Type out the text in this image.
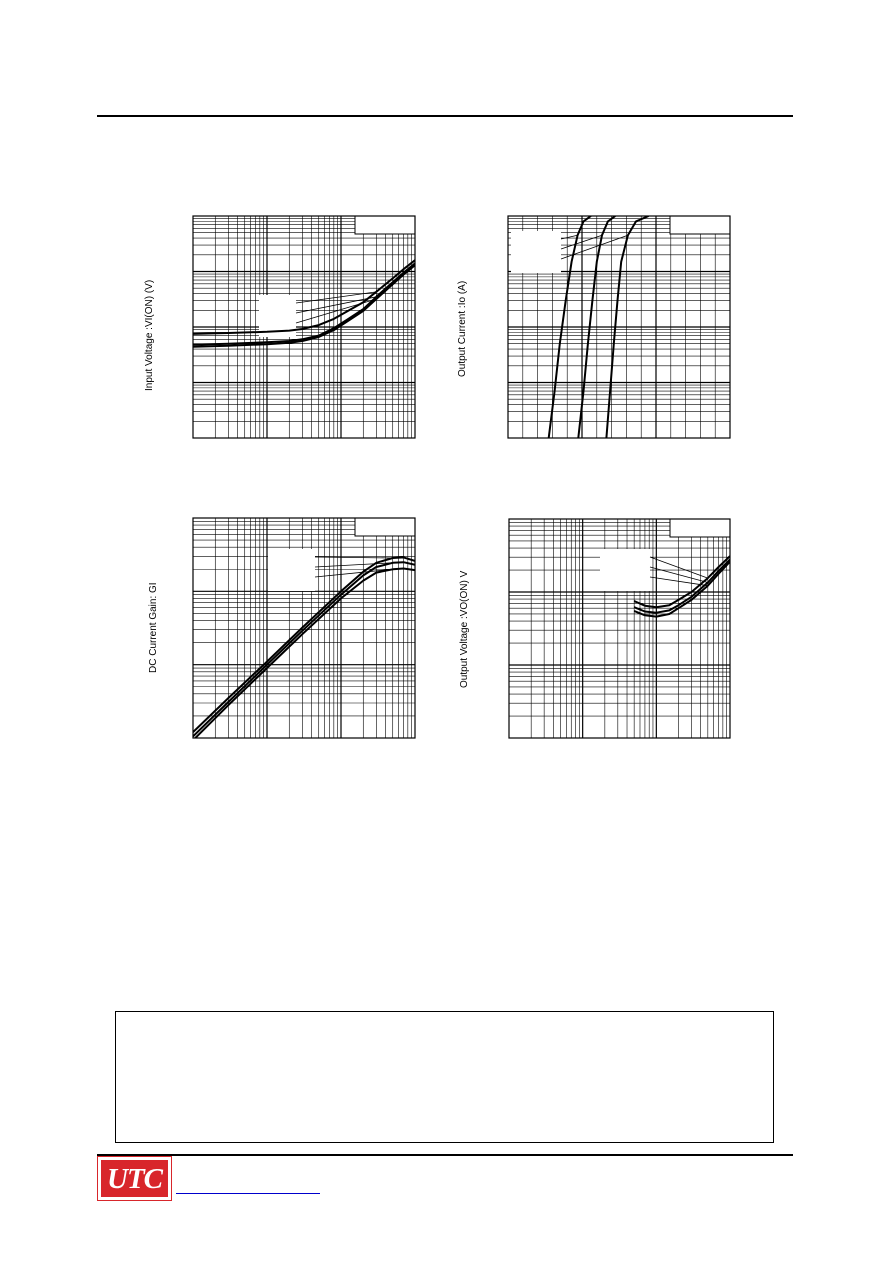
Input Voltage :VI(ON) (V)	Output Current :Io (A)
DC Current Gain: GI	Output Voltage :VO(ON) V
UTC
